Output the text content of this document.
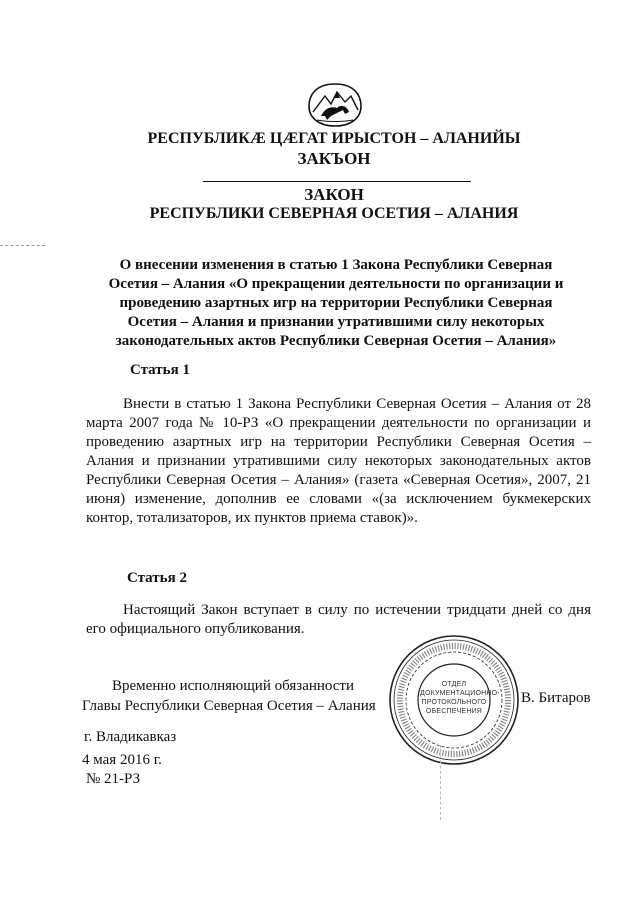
РЕСПУБЛИКӔ ЦӔГАТ ИРЫСТОН – АЛАНИЙЫ
ЗАКЪОН
ЗАКОН
РЕСПУБЛИКИ СЕВЕРНАЯ ОСЕТИЯ – АЛАНИЯ
О внесении изменения в статью 1 Закона Республики Северная Осетия – Алания «О прекращении деятельности по организации и проведению азартных игр на территории Республики Северная Осетия – Алания и признании утратившими силу некоторых законодательных актов Республики Северная Осетия – Алания»
Статья 1
Внести в статью 1 Закона Республики Северная Осетия – Алания от 28 марта 2007 года № 10-РЗ «О прекращении деятельности по организации и проведению азартных игр на территории Республики Северная Осетия – Алания и признании утратившими силу некоторых законодательных актов Республики Северная Осетия – Алания» (газета «Северная Осетия», 2007, 21 июня) изменение, дополнив ее словами «(за исключением букмекерских контор, тотализаторов, их пунктов приема ставок)».
Статья 2
Настоящий Закон вступает в силу по истечении тридцати дней со дня его официального опубликования.
Временно исполняющий обязанности
Главы Республики Северная Осетия – Алания	В. Битаров
ОТДЕЛ ДОКУМЕНТАЦИОННО-ПРОТОКОЛЬНОГО ОБЕСПЕЧЕНИЯ
г. Владикавказ
4 мая 2016 г.
№ 21-РЗ
